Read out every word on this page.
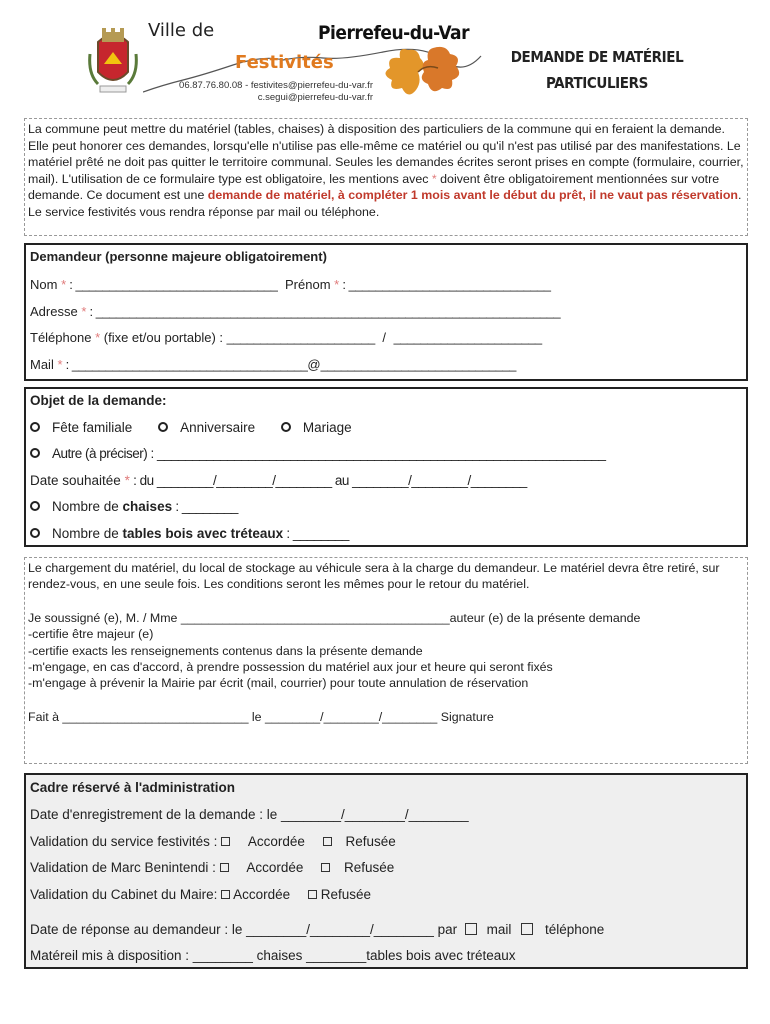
Ville de	Pierrefeu-du-Var
Festivités
06.87.76.80.08 - festivites@pierrefeu-du-var.fr
c.segui@pierrefeu-du-var.fr
DEMANDE DE MATÉRIEL
PARTICULIERS
La commune peut mettre du matériel (tables, chaises) à disposition des particuliers de la commune qui en feraient la demande. Elle peut honorer ces demandes, lorsqu'elle n'utilise pas elle-même ce matériel ou qu'il n'est pas utilisé par des manifestations. Le matériel prêté ne doit pas quitter le territoire communal. Seules les demandes écrites seront prises en compte (formulaire, courrier, mail). L'utilisation de ce formulaire type est obligatoire, les mentions avec * doivent être obligatoirement mentionnées sur votre demande. Ce document est une demande de matériel, à compléter 1 mois avant le début du prêt, il ne vaut pas réservation. Le service festivités vous rendra réponse par mail ou téléphone.
Demandeur (personne majeure obligatoirement)
Nom * : ______________________________ Prénom * : ______________________________
Adresse * : _____________________________________________________________________
Téléphone * (fixe et/ou portable) : ______________________ / ______________________
Mail * : ___________________________________@_____________________________
Objet de la demande:
Fête familiale	Anniversaire	Mariage
Autre (à préciser) : ________________________________________________________________
Date souhaitée * : du ________/________/________ au ________/________/________
Nombre de chaises : ________
Nombre de tables bois avec tréteaux : ________
Le chargement du matériel, du local de stockage au véhicule sera à la charge du demandeur. Le matériel devra être retiré, sur rendez-vous, en une seule fois. Les conditions seront les mêmes pour le retour du matériel.
Je soussigné (e), M. / Mme _______________________________________auteur (e) de la présente demande
-certifie être majeur (e)
-certifie exacts les renseignements contenus dans la présente demande
-m'engage, en cas d'accord, à prendre possession du matériel aux jour et heure qui seront fixés
-m'engage à prévenir la Mairie par écrit (mail, courrier) pour toute annulation de réservation
Fait à ___________________________ le ________/________/________ Signature
Cadre réservé à l'administration
Date d'enregistrement de la demande : le ________/________/________
Validation du service festivités : Accordée	Refusée
Validation de Marc Benintendi : Accordée	Refusée
Validation du Cabinet du Maire: Accordée Refusée
Date de réponse au demandeur : le ________/________/________ par mail téléphone
Matéreil mis à disposition : ________ chaises ________tables bois avec tréteaux
